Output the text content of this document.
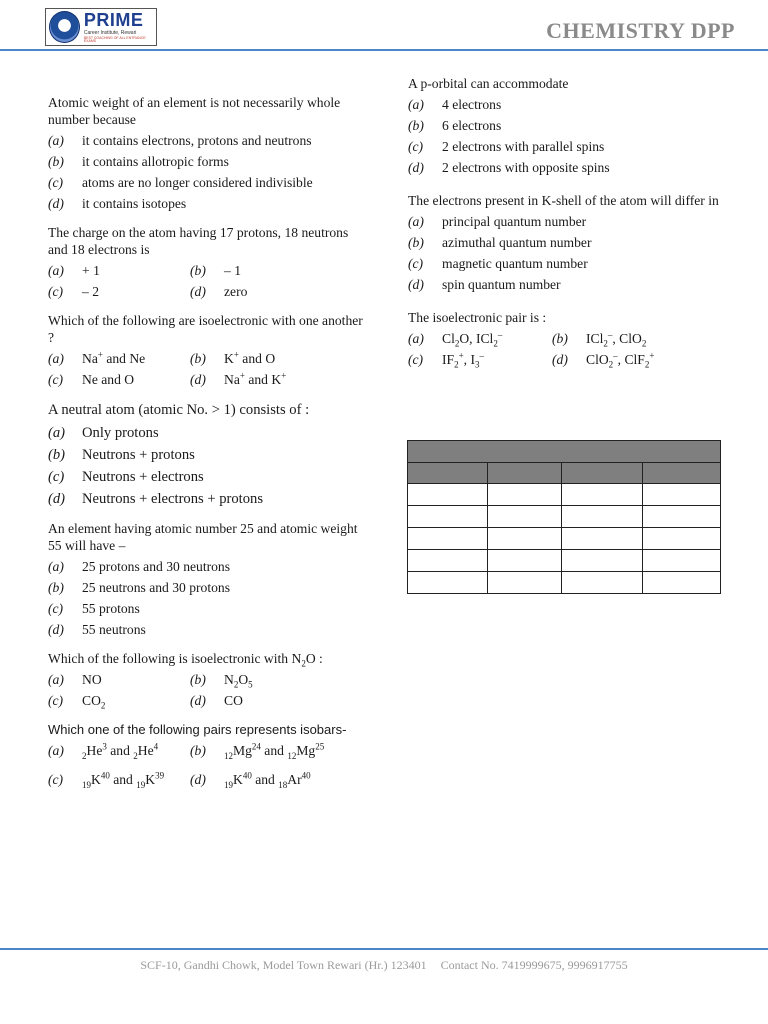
PRIME
Career Institute, Rewari
BEST COACHING OF ALL ENTRANCE EXAMS	CHEMISTRY DPP
Atomic weight of an element is not necessarily whole number because
(a)	it contains electrons, protons and neutrons
(b)	it contains allotropic forms
(c)	atoms are no longer considered indivisible
(d)	it contains isotopes
The charge on the atom having 17 protons, 18 neutrons and 18 electrons is
(a)	+ 1	(b)	– 1
(c)	– 2	(d)	zero
Which of the following are isoelectronic with one another ?
(a)	Na+ and Ne	(b)	K+ and O
(c)	Ne and O	(d)	Na+ and K+
A neutral atom (atomic No. > 1) consists of :
(a)	Only protons
(b)	Neutrons + protons
(c)	Neutrons + electrons
(d)	Neutrons + electrons + protons
An element having atomic number 25 and atomic weight 55 will have –
(a)	25 protons and 30 neutrons
(b)	25 neutrons and 30 protons
(c)	55 protons
(d)	55 neutrons
Which of the following is isoelectronic with $N_2O$ :
(a)	NO	(b)	$N_2O_5$
(c)	$CO_2$	(d)	CO
Which one of the following pairs represents isobars-
(a)	$_2He^3$ and $_2He^4$ (b)	$_{12}Mg^{24}$ and $_{12}Mg^{25}$
(c)	$_{19}K^{40}$ and $_{19}K^{39}$ (d)	$_{19}K^{40}$ and $_{18}Ar^{40}$
A p-orbital can accommodate
(a)	4 electrons
(b)	6 electrons
(c)	2 electrons with parallel spins
(d)	2 electrons with opposite spins
The electrons present in K-shell of the atom will differ in
(a)	principal quantum number
(b)	azimuthal quantum number
(c)	magnetic quantum number
(d)	spin quantum number
The isoelectronic pair is :
(a)	$Cl_2O$, ICl$_2$–	(b)	ICl$_2$–, ClO$_2$
(c)	$IF_2^+$, $I_3^-$	(d)	ClO$_2$–, ClF$_2$+

SCF-10, Gandhi Chowk, Model Town Rewari (Hr.) 123401 Contact No. 7419999675, 9996917755
